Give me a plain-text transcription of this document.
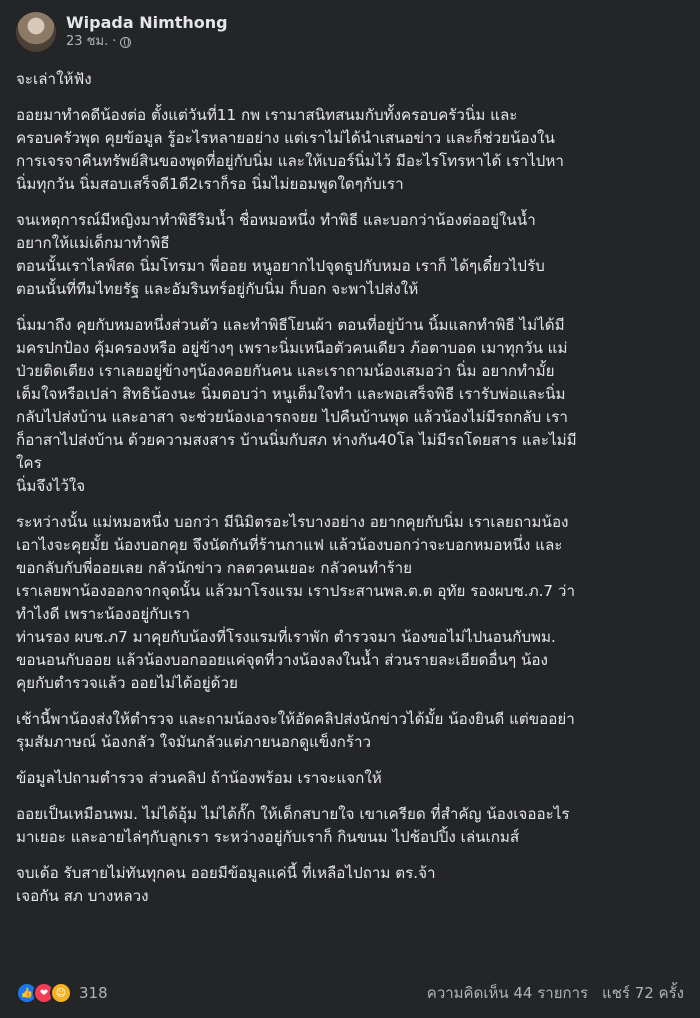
Wipada Nimthong
23 ชม. ·

จะเล่าให้ฟัง

ออยมาทำคดีน้องต่อ ตั้งแต่วันที่11 กพ เรามาสนิทสนมกับทั้งครอบครัวนิ่ม และ
ครอบครัวพุด คุยข้อมูล รู้อะไรหลายอย่าง แต่เราไม่ได้นำเสนอข่าว และก็ช่วยน้องใน
การเจรจาคืนทรัพย์สินของพุดที่อยู่กับนิ่ม และให้เบอร์นิ่มไว้ มีอะไรโทรหาได้ เราไปหา
นิ่มทุกวัน นิ่มสอบเสร็จดี1ดี2เราก็รอ นิ่มไม่ยอมพูดใดๆกับเรา

จนเหตุการณ์มีหญิงมาทำพิธีริมน้ำ ชื่อหมอหนึ่ง ทำพิธี และบอกว่าน้องต่ออยู่ในน้ำ
อยากให้แม่เด็กมาทำพิธี
ตอนนั้นเราไลฟ์สด นิ่มโทรมา พี่ออย หนูอยากไปจุดธูปกับหมอ เราก็ ได้ๆเดี๋ยวไปรับ
ตอนนั้นที่ทีมไทยรัฐ และอัมรินทร์อยู่กับนิ่ม ก็บอก จะพาไปส่งให้

นิ่มมาถึง คุยกับหมอหนึ่งส่วนตัว และทำพิธีโยนผ้า ตอนที่อยู่บ้าน นิ้มแลกทำพิธี ไม่ได้มี
มครปกป้อง คุ้มครองหรือ อยู่ข้างๆ เพราะนิ่มเหนือตัวคนเดียว ภ้อตาบอด เมาทุกวัน แม่
ป่วยติดเตียง เราเลยอยู่ข้างๆน้องคอยกันคน และเราถามน้องเสมอว่า นิ่ม อยากทำมั้ย
เต็มใจหรือเปล่า สิทธิน้องนะ นิ่มตอบว่า หนูเต็มใจทำ และพอเสร็จพิธี เรารับพ่อและนิ่ม
กลับไปส่งบ้าน และอาสา จะช่วยน้องเอารถจยย ไปคืนบ้านพุด แล้วน้องไม่มีรถกลับ เรา
ก็อาสาไปส่งบ้าน ด้วยความสงสาร บ้านนิ่มกับสภ ห่างกัน40โล ไม่มีรถโดยสาร และไม่มี
ใคร
นิ่มจึงไว้ใจ

ระหว่างนั้น แม่หมอหนึ่ง บอกว่า มีนิมิตรอะไรบางอย่าง อยากคุยกับนิ่ม เราเลยถามน้อง
เอาไงจะคุยมั้ย น้องบอกคุย จึงนัดกันที่ร้านกาแฟ แล้วน้องบอกว่าจะบอกหมอหนึ่ง และ
ขอกลับกับพี่ออยเลย กลัวนักข่าว กลตวคนเยอะ กลัวคนทำร้าย
เราเลยพาน้องออกจากจุดนั้น แล้วมาโรงแรม เราประสานพล.ต.ต อุทัย รองผบช.ภ.7 ว่า
ทำไงดี เพราะน้องอยู่กับเรา
ท่านรอง ผบช.ภ7 มาคุยกับน้องที่โรงแรมที่เราพัก ตำรวจมา น้องขอไม่ไปนอนกับพม.
ขอนอนกับออย แล้วน้องบอกออยแค่จุดที่วางน้องลงในน้ำ ส่วนรายละเอียดอื่นๆ น้อง
คุยกับตำรวจแล้ว ออยไม่ได้อยู่ด้วย

เช้านี้พาน้องส่งให้ตำรวจ และถามน้องจะให้อัดคลิปส่งนักข่าวได้มั้ย น้องยินดี แต่ขออย่า
รุมสัมภาษณ์ น้องกลัว ใจมันกลัวแต่ภายนอกดูแข็งกร้าว

ข้อมูลไปถามตำรวจ ส่วนคลิป ถ้าน้องพร้อม เราจะแจกให้

ออยเป็นเหมือนพม. ไม่ได้อุ้ม ไม่ได้กั๊ก ให้เด็กสบายใจ เขาเครียด ที่สำคัญ น้องเจออะไร
มาเยอะ และอายไล่ๆกับลูกเรา ระหว่างอยู่กับเราก็ กินขนม ไปช้อปปิ้ง เล่นเกมส์

จบเด้อ รับสายไม่ทันทุกคน ออยมีข้อมูลแค่นี้ ที่เหลือไปถาม ตร.จ้า
เจอกัน สภ บางหลวง

👍 ❤ ☺ 318	ความคิดเห็น 44 รายการ แชร์ 72 ครั้ง
